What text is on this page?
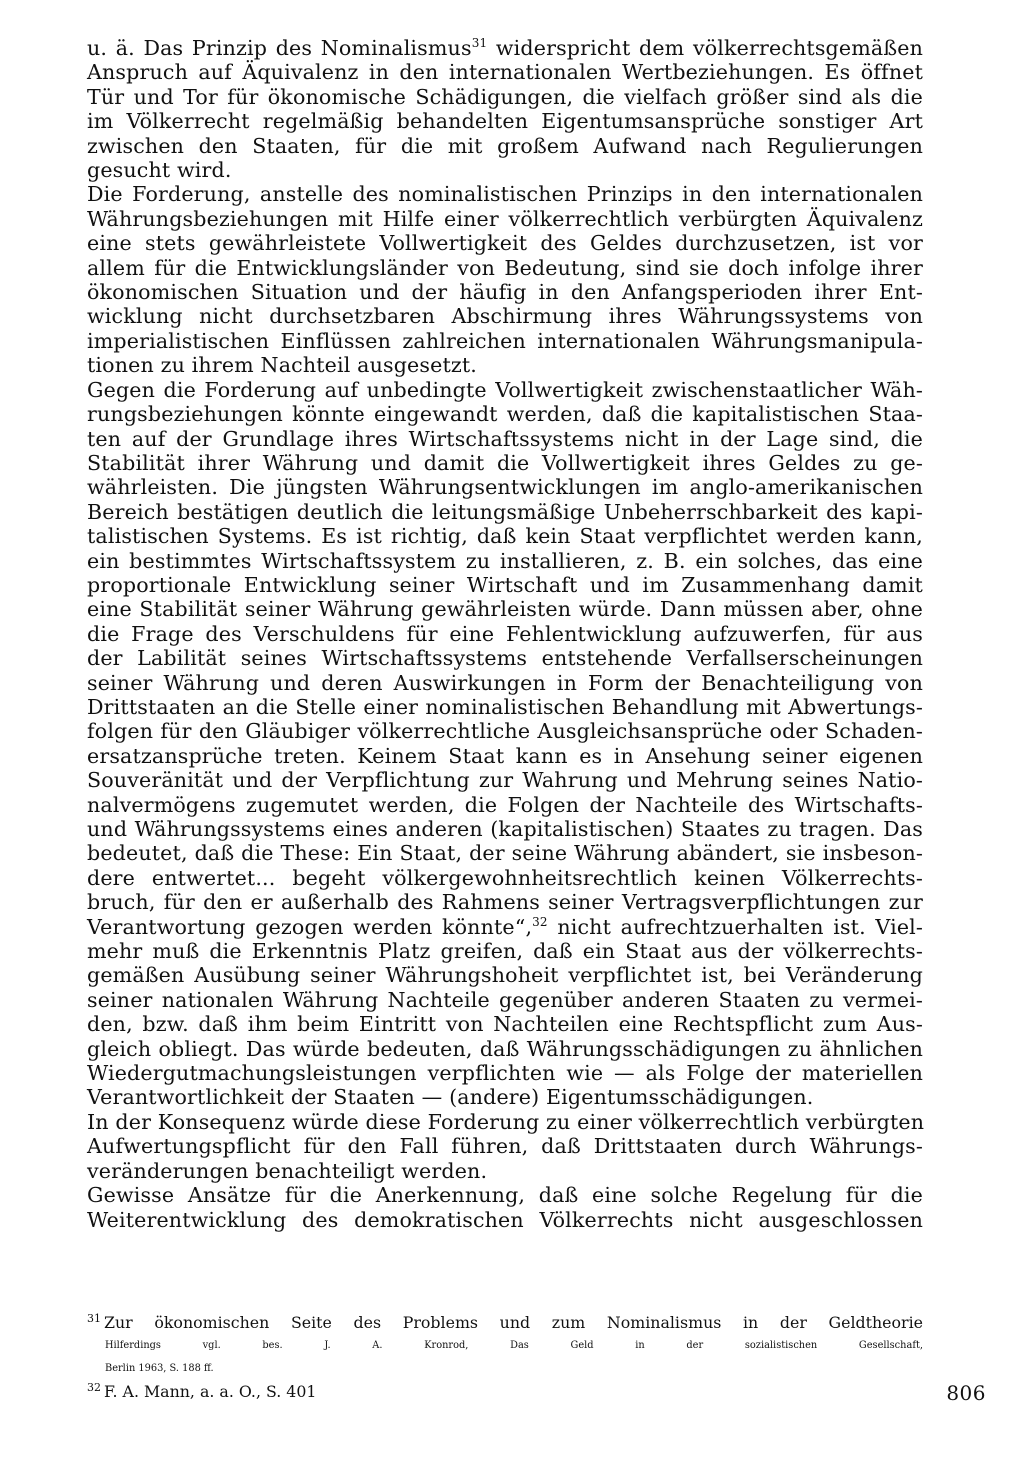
u. ä. Das Prinzip des Nominalismus$^{31}$ widerspricht dem völkerrechtsgemäßen
Anspruch auf Äquivalenz in den internationalen Wertbeziehungen. Es öffnet
Tür und Tor für ökonomische Schädigungen, die vielfach größer sind als die
im Völkerrecht regelmäßig behandelten Eigentumsansprüche sonstiger Art
zwischen den Staaten, für die mit großem Aufwand nach Regulierungen
gesucht wird.
Die Forderung, anstelle des nominalistischen Prinzips in den internationalen
Währungsbeziehungen mit Hilfe einer völkerrechtlich verbürgten Äquivalenz
eine stets gewährleistete Vollwertigkeit des Geldes durchzusetzen, ist vor
allem für die Entwicklungsländer von Bedeutung, sind sie doch infolge ihrer
ökonomischen Situation und der häufig in den Anfangsperioden ihrer Ent-
wicklung nicht durchsetzbaren Abschirmung ihres Währungssystems von
imperialistischen Einflüssen zahlreichen internationalen Währungsmanipula-
tionen zu ihrem Nachteil ausgesetzt.
Gegen die Forderung auf unbedingte Vollwertigkeit zwischenstaatlicher Wäh-
rungsbeziehungen könnte eingewandt werden, daß die kapitalistischen Staa-
ten auf der Grundlage ihres Wirtschaftssystems nicht in der Lage sind, die
Stabilität ihrer Währung und damit die Vollwertigkeit ihres Geldes zu ge-
währleisten. Die jüngsten Währungsentwicklungen im anglo-amerikanischen
Bereich bestätigen deutlich die leitungsmäßige Unbeherrschbarkeit des kapi-
talistischen Systems. Es ist richtig, daß kein Staat verpflichtet werden kann,
ein bestimmtes Wirtschaftssystem zu installieren, z. B. ein solches, das eine
proportionale Entwicklung seiner Wirtschaft und im Zusammenhang damit
eine Stabilität seiner Währung gewährleisten würde. Dann müssen aber, ohne
die Frage des Verschuldens für eine Fehlentwicklung aufzuwerfen, für aus
der Labilität seines Wirtschaftssystems entstehende Verfallserscheinungen
seiner Währung und deren Auswirkungen in Form der Benachteiligung von
Drittstaaten an die Stelle einer nominalistischen Behandlung mit Abwertungs-
folgen für den Gläubiger völkerrechtliche Ausgleichsansprüche oder Schaden-
ersatzansprüche treten. Keinem Staat kann es in Ansehung seiner eigenen
Souveränität und der Verpflichtung zur Wahrung und Mehrung seines Natio-
nalvermögens zugemutet werden, die Folgen der Nachteile des Wirtschafts-
und Währungssystems eines anderen (kapitalistischen) Staates zu tragen. Das
bedeutet, daß die These: Ein Staat, der seine Währung abändert, sie insbeson-
dere entwertet... begeht völkergewohnheitsrechtlich keinen Völkerrechts-
bruch, für den er außerhalb des Rahmens seiner Vertragsverpflichtungen zur
Verantwortung gezogen werden könnte“,$^{32}$ nicht aufrechtzuerhalten ist. Viel-
mehr muß die Erkenntnis Platz greifen, daß ein Staat aus der völkerrechts-
gemäßen Ausübung seiner Währungshoheit verpflichtet ist, bei Veränderung
seiner nationalen Währung Nachteile gegenüber anderen Staaten zu vermei-
den, bzw. daß ihm beim Eintritt von Nachteilen eine Rechtspflicht zum Aus-
gleich obliegt. Das würde bedeuten, daß Währungsschädigungen zu ähnlichen
Wiedergutmachungsleistungen verpflichten wie — als Folge der materiellen
Verantwortlichkeit der Staaten — (andere) Eigentumsschädigungen.
In der Konsequenz würde diese Forderung zu einer völkerrechtlich verbürgten
Aufwertungspflicht für den Fall führen, daß Drittstaaten durch Währungs-
veränderungen benachteiligt werden.
Gewisse Ansätze für die Anerkennung, daß eine solche Regelung für die
Weiterentwicklung des demokratischen Völkerrechts nicht ausgeschlossen
$^{31}$ Zur ökonomischen Seite des Problems und zum Nominalismus in der Geldtheorie
Hilferdings vgl. bes. J. A. Kronrod, Das Geld in der sozialistischen Gesellschaft,
Berlin 1963, S. 188 ff.
$^{32}$ F. A. Mann, a. a. O., S. 401	806
